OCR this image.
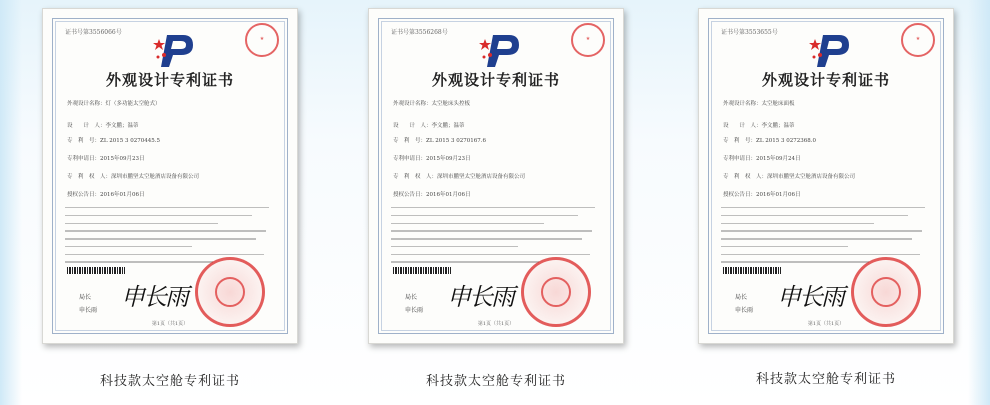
证书号第3556066号
★
外观设计专利证书
外观设计名称：灯（多功能太空舱式）
设　　计　人：李文鹏；温蒂
专　利　号：ZL 2015 3 0270445.5
专利申请日：2015年09月23日
专　利　权　人：深圳市鹏坚太空舱酒店设备有限公司
授权公告日：2016年01月06日
申长雨
局长
申长雨
第1页（共1页）
证书号第3556268号
★
外观设计专利证书
外观设计名称：太空舱床头控板
设　　计　人：李文鹏；温蒂
专　利　号：ZL 2015 3 0270167.6
专利申请日：2015年09月23日
专　利　权　人：深圳市鹏坚太空舱酒店设备有限公司
授权公告日：2016年01月06日
申长雨
局长
申长雨
第1页（共1页）
证书号第3553655号
★
外观设计专利证书
外观设计名称：太空舱床面板
设　　计　人：李文鹏；温蒂
专　利　号：ZL 2015 3 0272368.0
专利申请日：2015年09月24日
专　利　权　人：深圳市鹏坚太空舱酒店设备有限公司
授权公告日：2016年01月06日
申长雨
局长
申长雨
第1页（共1页）
科技款太空舱专利证书	科技款太空舱专利证书	科技款太空舱专利证书
